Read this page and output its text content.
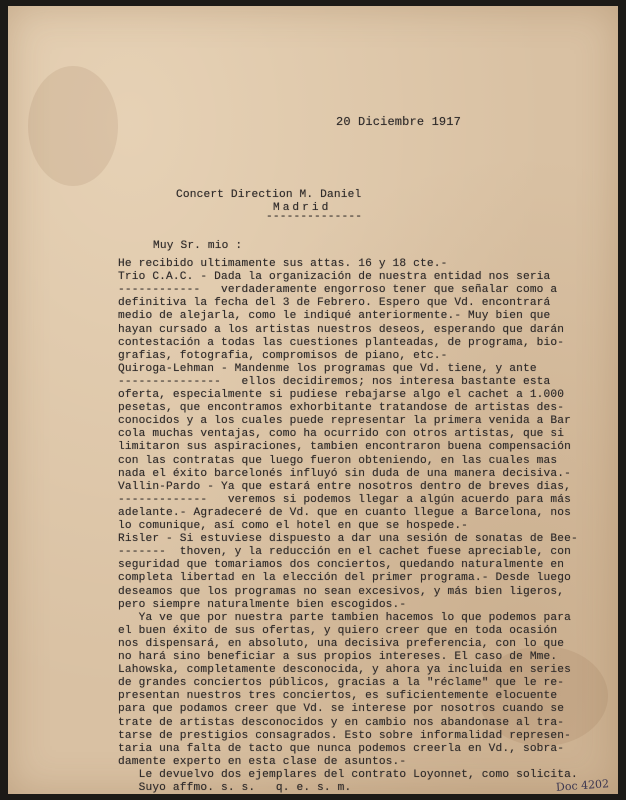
20 Diciembre 1917
Concert Direction M. Daniel
Madrid
--------------
Muy Sr. mio :
He recibido ultimamente sus attas. 16 y 18 cte.-
Trio C.A.C. - Dada la organización de nuestra entidad nos seria
------------   verdaderamente engorroso tener que señalar como a
definitiva la fecha del 3 de Febrero. Espero que Vd. encontrará
medio de alejarla, como le indiqué anteriormente.- Muy bien que
hayan cursado a los artistas nuestros deseos, esperando que darán
contestación a todas las cuestiones planteadas, de programa, bio-
grafias, fotografia, compromisos de piano, etc.-
Quiroga-Lehman - Mandenme los programas que Vd. tiene, y ante
---------------   ellos decidiremos; nos interesa bastante esta
oferta, especialmente si pudiese rebajarse algo el cachet a 1.000
pesetas, que encontramos exhorbitante tratandose de artistas des-
conocidos y a los cuales puede representar la primera venida a Bar
cola muchas ventajas, como ha ocurrido con otros artistas, que si
limitaron sus aspiraciones, tambien encontraron buena compensación
con las contratas que luego fueron obteniendo, en las cuales mas
nada el éxito barcelonés influyó sin duda de una manera decisiva.-
Vallin-Pardo - Ya que estará entre nosotros dentro de breves dias,
-------------   veremos si podemos llegar a algún acuerdo para más
adelante.- Agradeceré de Vd. que en cuanto llegue a Barcelona, nos
lo comunique, así como el hotel en que se hospede.-
Risler - Si estuviese dispuesto a dar una sesión de sonatas de Bee-
-------  thoven, y la reducción en el cachet fuese apreciable, con
seguridad que tomariamos dos conciertos, quedando naturalmente en
completa libertad en la elección del primer programa.- Desde luego
deseamos que los programas no sean excesivos, y más bien ligeros,
pero siempre naturalmente bien escogidos.-
Ya ve que por nuestra parte tambien hacemos lo que podemos para
el buen éxito de sus ofertas, y quiero creer que en toda ocasión
nos dispensará, en absoluto, una decisiva preferencia, con lo que
no hará sino beneficiar a sus propios intereses. El caso de Mme.
Lahowska, completamente desconocida, y ahora ya incluida en series
de grandes conciertos públicos, gracias a la "réclame" que le re-
presentan nuestros tres conciertos, es suficientemente elocuente
para que podamos creer que Vd. se interese por nosotros cuando se
trate de artistas desconocidos y en cambio nos abandonase al tra-
tarse de prestigios consagrados. Esto sobre informalidad represen-
taria una falta de tacto que nunca podemos creerla en Vd., sobra-
damente experto en esta clase de asuntos.-
Le devuelvo dos ejemplares del contrato Loyonnet, como solicita.
Suyo affmo. s. s.   q. e. s. m.	Doc 4202
